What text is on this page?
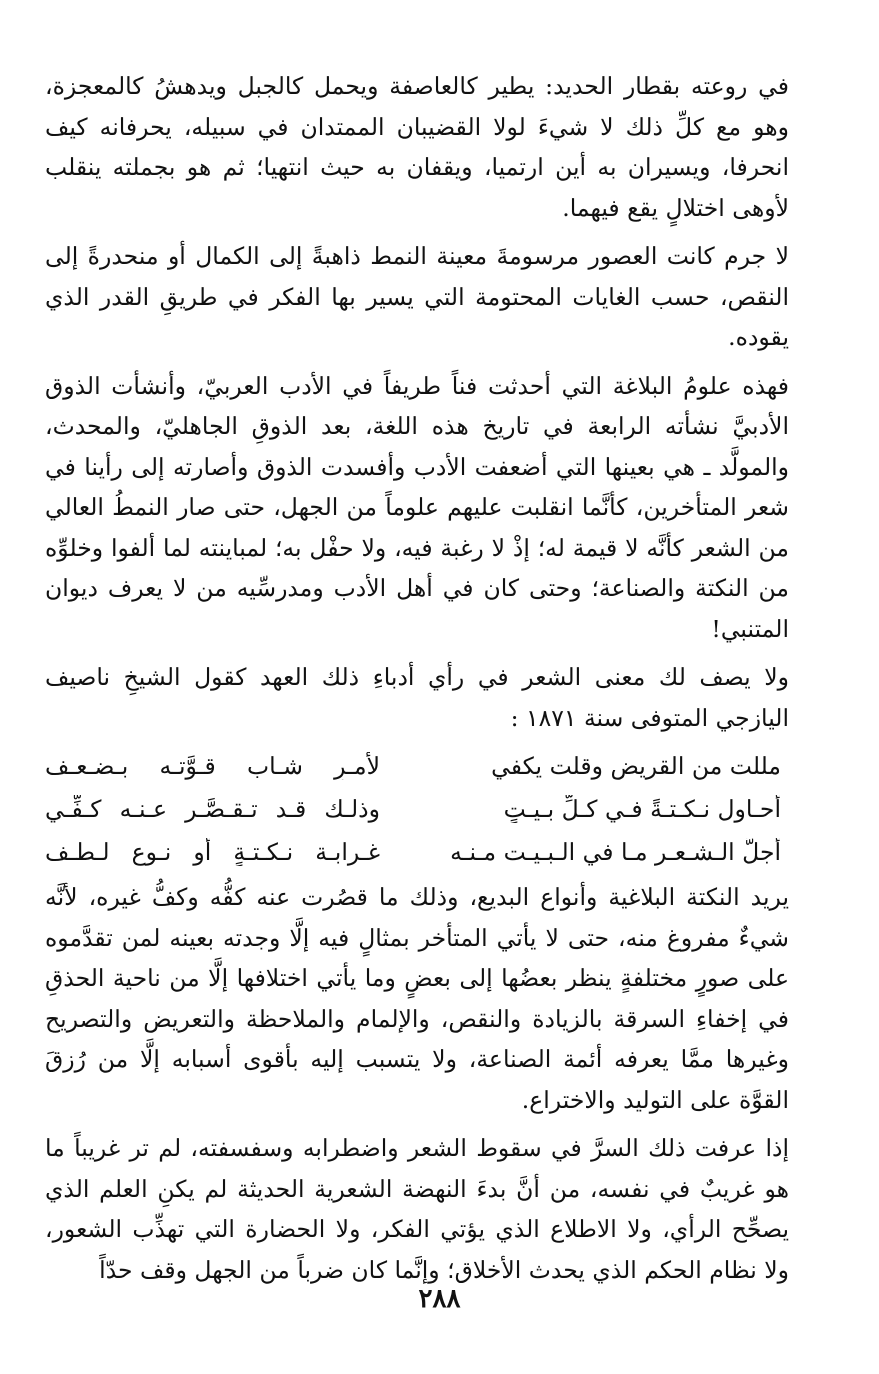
في روعته بقطار الحديد: يطير كالعاصفة ويحمل كالجبل ويدهشُ كالمعجزة، وهو مع كلِّ ذلك لا شيءَ لولا القضيبان الممتدان في سبيله، يحرفانه كيف انحرفا، ويسيران به أين ارتميا، ويقفان به حيث انتهيا؛ ثم هو بجملته ينقلب لأوهى اختلالٍ يقع فيهما.

لا جرم كانت العصور مرسومةَ معينة النمط ذاهبةً إلى الكمال أو منحدرةً إلى النقص، حسب الغايات المحتومة التي يسير بها الفكر في طريقِ القدر الذي يقوده.

فهذه علومُ البلاغة التي أحدثت فناً طريفاً في الأدب العربيّ، وأنشأت الذوق الأدبيَّ نشأته الرابعة في تاريخ هذه اللغة، بعد الذوقِ الجاهليّ، والمحدث، والمولَّد ـ هي بعينها التي أضعفت الأدب وأفسدت الذوق وأصارته إلى رأينا في شعر المتأخرين، كأنَّما انقلبت عليهم علوماً من الجهل، حتى صار النمطُ العالي من الشعر كأنَّه لا قيمة له؛ إذْ لا رغبة فيه، ولا حفْل به؛ لمباينته لما ألفوا وخلوِّه من النكتة والصناعة؛ وحتى كان في أهل الأدب ومدرسِّيه من لا يعرف ديوان المتنبي!

ولا يصف لك معنى الشعر في رأي أدباءِ ذلك العهد كقول الشيخِ ناصيف اليازجي المتوفى سنة ١٨٧١ :

مللت من القريض وقلت يكفي
لأمـرٍ شـاب قـوَّتـه بـضـعـف
أُحـاول نـكـتـةً فـي كـلِّ بـيـتٍ
وذلـك قـد تـقـصَّـر عـنـه كـفِّـي
أجلُّ الـشـعـر مـا في الـبـيـت مـنـه
غـرابـة نـكـتـةٍ أو نـوع لـطـف

يريد النكتة البلاغية وأنواع البديع، وذلك ما قصُرت عنه كفُّه وكفُّ غيره، لأنَّه شيءٌ مفروغ منه، حتى لا يأتي المتأخر بمثالٍ فيه إلَّا وجدته بعينه لمن تقدَّموه على صورٍ مختلفةٍ ينظر بعضُها إلى بعضٍ وما يأتي اختلافها إلَّا من ناحية الحذقِ في إخفاءِ السرقة بالزيادة والنقص، والإلمام والملاحظة والتعريض والتصريح وغيرها ممَّا يعرفه أئمة الصناعة، ولا يتسبب إليه بأقوى أسبابه إلَّا من رُزقَ القوَّة على التوليد والاختراع.

إذا عرفت ذلك السرَّ في سقوط الشعر واضطرابه وسفسفته، لم تر غريباً ما هو غريبٌ في نفسه، من أنَّ بدءَ النهضة الشعرية الحديثة لم يكنِ العلم الذي يصحِّح الرأي، ولا الاطلاع الذي يؤتي الفكر، ولا الحضارة التي تهذِّب الشعور، ولا نظام الحكم الذي يحدث الأخلاق؛ وإنَّما كان ضرباً من الجهل وقف حدّاً

٢٨٨
